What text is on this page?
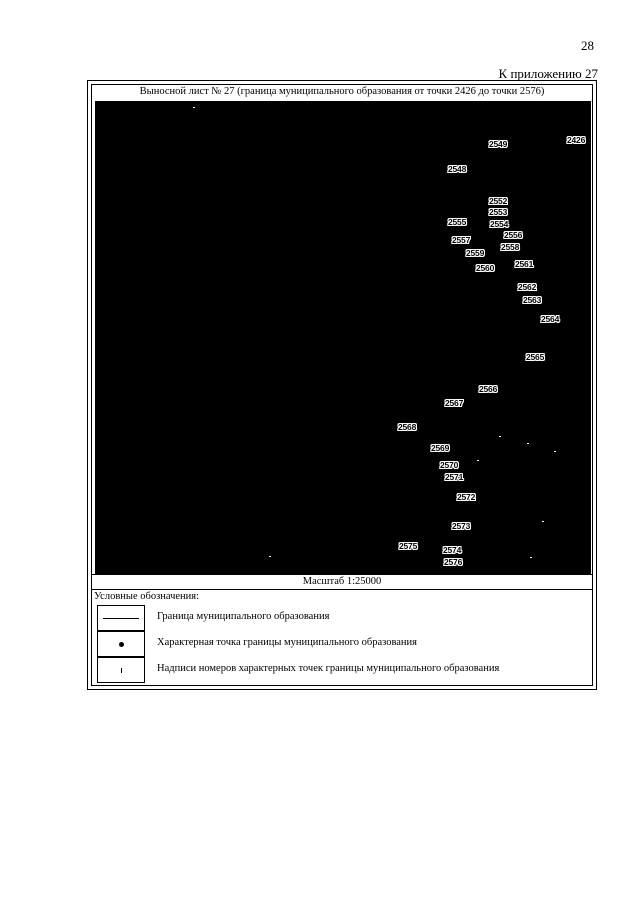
28
К приложению 27
Выносной лист № 27 (граница муниципального образования от точки 2426 до точки 2576)
2426
2549
2548
2552
2553
2555	2554
2556
2557
2558
2559
2561
2560
2562
2563
2564
2565
2566
2567
2568
2569
2570
2571
2572
2573
2575	2574
2576
Масштаб 1:25000
Условные обозначения:
Граница муниципального образования
Характерная точка границы муниципального образования
Надписи номеров характерных точек границы муниципального образования
